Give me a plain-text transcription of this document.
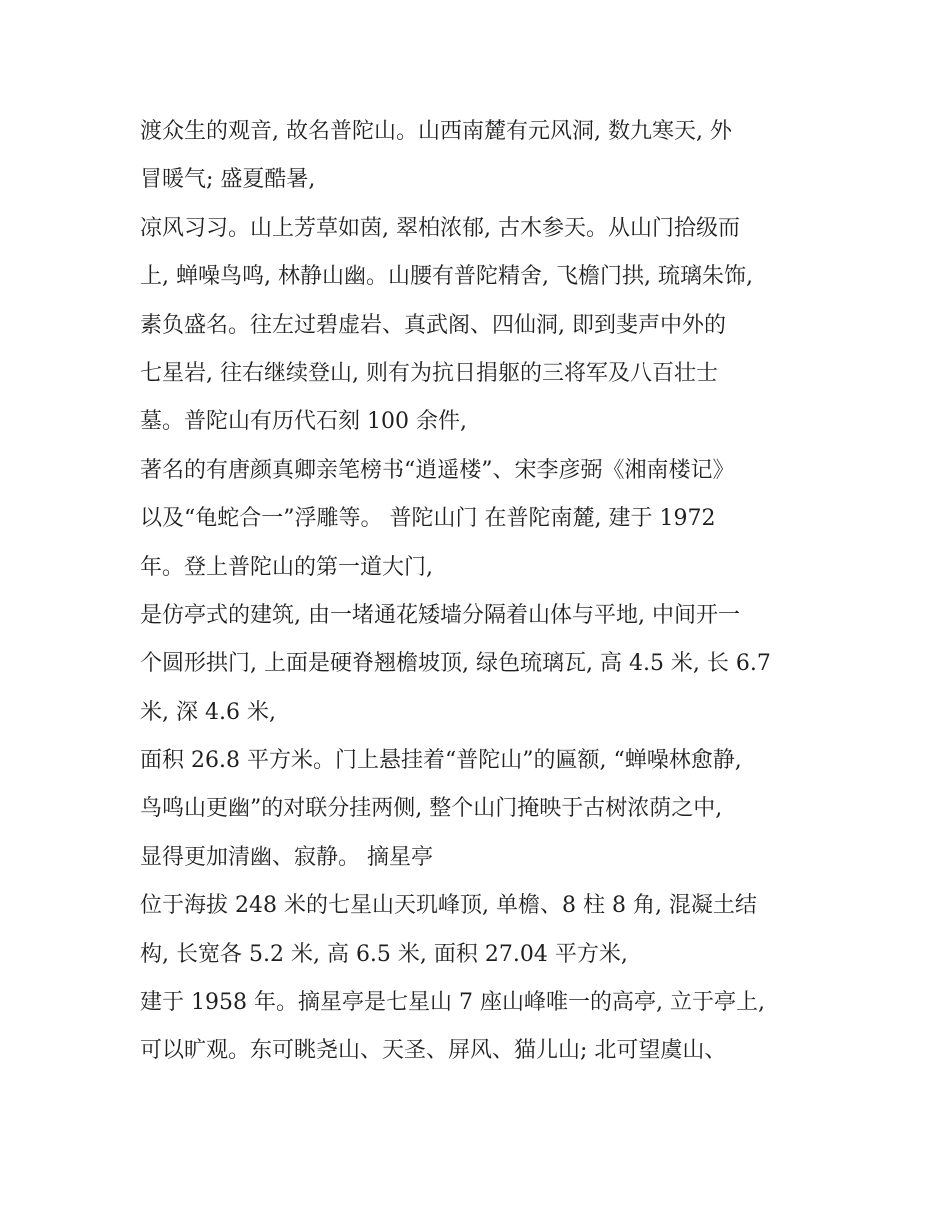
渡众生的观音, 故名普陀山。山西南麓有元风洞, 数九寒天, 外
冒暖气; 盛夏酷暑,
凉风习习。山上芳草如茵, 翠柏浓郁, 古木参天。从山门拾级而
上, 蝉噪鸟鸣, 林静山幽。山腰有普陀精舍, 飞檐门拱, 琉璃朱饰,
素负盛名。往左过碧虚岩、真武阁、四仙洞, 即到斐声中外的
七星岩, 往右继续登山, 则有为抗日捐躯的三将军及八百壮士
墓。普陀山有历代石刻 100 余件,
著名的有唐颜真卿亲笔榜书“逍遥楼”、宋李彦弼《湘南楼记》
以及“龟蛇合一”浮雕等。 普陀山门 在普陀南麓, 建于 1972
年。登上普陀山的第一道大门,
是仿亭式的建筑, 由一堵通花矮墙分隔着山体与平地, 中间开一
个圆形拱门, 上面是硬脊翘檐坡顶, 绿色琉璃瓦, 高 4.5 米, 长 6.7
米, 深 4.6 米,
面积 26.8 平方米。门上悬挂着“普陀山”的匾额, “蝉噪林愈静,
鸟鸣山更幽”的对联分挂两侧, 整个山门掩映于古树浓荫之中,
显得更加清幽、寂静。 摘星亭
位于海拔 248 米的七星山天玑峰顶, 单檐、8 柱 8 角, 混凝土结
构, 长宽各 5.2 米, 高 6.5 米, 面积 27.04 平方米,
建于 1958 年。摘星亭是七星山 7 座山峰唯一的高亭, 立于亭上,
可以旷观。东可眺尧山、天圣、屏风、猫儿山; 北可望虞山、
